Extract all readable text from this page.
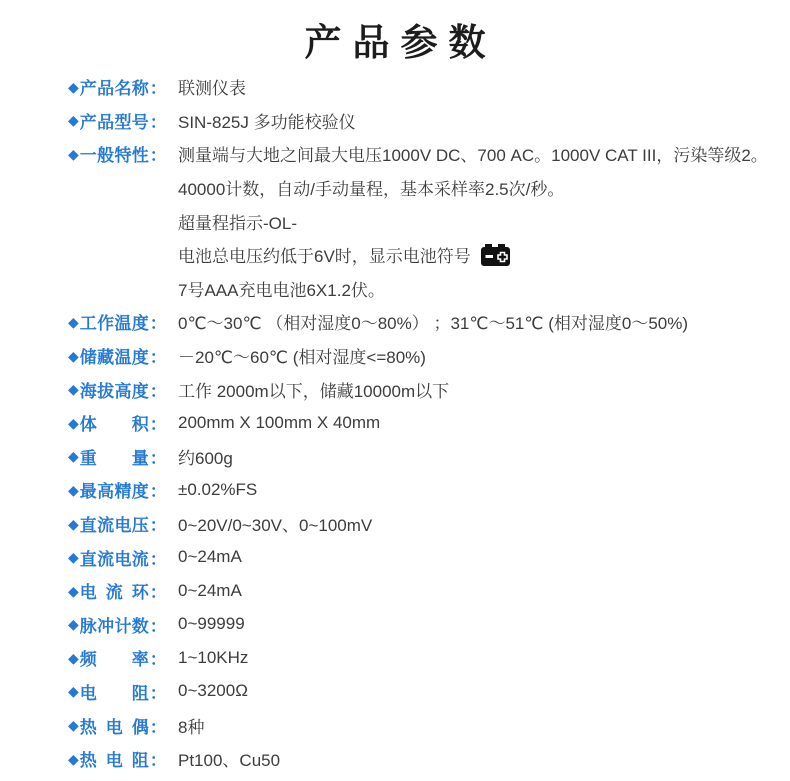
产品参数
◆ 产品名称 ： 联测仪表
◆ 产品型号 ： SIN-825J 多功能校验仪
◆ 一般特性 ： 测量端与大地之间最大电压1000V DC、700 AC。1000V CAT III，污染等级2。
40000计数，自动/手动量程，基本采样率2.5次/秒。
超量程指示-OL-
电池总电压约低于6V时，显示电池符号
7号AAA充电电池6X1.2伏。
◆ 工作温度 ： 0℃～30℃ （相对湿度0～80%） ；31℃～51℃ (相对湿度0～50%)
◆ 储藏温度 ： －20℃～60℃ (相对湿度<=80%)
◆ 海拔高度 ： 工作 2000m以下，储藏10000m以下
◆ 体积 ： 200mm X 100mm X 40mm
◆ 重量 ： 约600g
◆ 最高精度 ： ±0.02%FS
◆ 直流电压 ： 0~20V/0~30V、0~100mV
◆ 直流电流 ： 0~24mA
◆ 电流环 ： 0~24mA
◆ 脉冲计数 ： 0~99999
◆ 频率 ： 1~10KHz
◆ 电阻 ： 0~3200Ω
◆ 热电偶 ： 8种
◆ 热电阻 ： Pt100、Cu50
